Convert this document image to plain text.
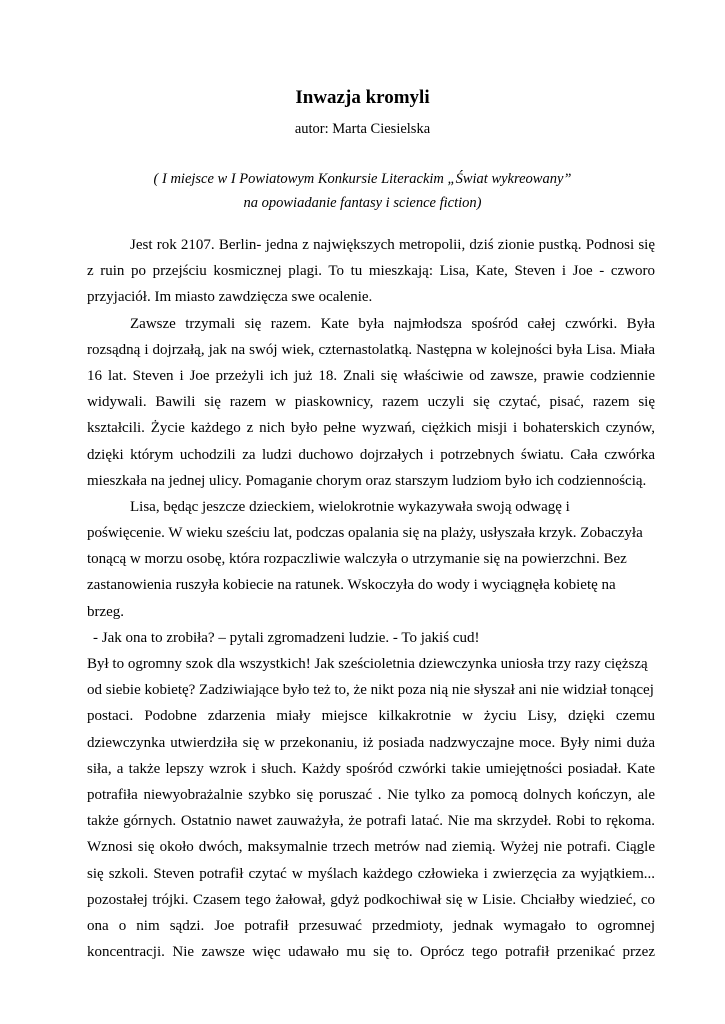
Inwazja kromyli
autor: Marta Ciesielska
( I miejsce w I Powiatowym Konkursie Literackim „Świat wykreowany”
na opowiadanie fantasy i science fiction)
Jest rok 2107. Berlin- jedna z największych metropolii, dziś zionie pustką. Podnosi się
z ruin po przejściu kosmicznej plagi. To tu mieszkają: Lisa, Kate, Steven i Joe - czworo
przyjaciół. Im miasto zawdzięcza swe ocalenie.
Zawsze trzymali się razem. Kate była najmłodsza spośród całej czwórki. Była
rozsądną i dojrzałą, jak na swój wiek, czternastolatką. Następna w kolejności była Lisa. Miała
16 lat. Steven i Joe przeżyli ich już 18. Znali się właściwie od zawsze, prawie codziennie
widywali. Bawili się razem w piaskownicy, razem uczyli się czytać, pisać, razem się
kształcili. Życie każdego z nich było pełne wyzwań, ciężkich misji i bohaterskich czynów,
dzięki którym uchodzili za ludzi duchowo dojrzałych i potrzebnych światu. Cała czwórka
mieszkała na jednej ulicy. Pomaganie chorym oraz starszym ludziom było ich codziennością.
Lisa, będąc jeszcze dzieckiem, wielokrotnie wykazywała swoją odwagę i
poświęcenie. W wieku sześciu lat, podczas opalania się na plaży, usłyszała krzyk. Zobaczyła
tonącą w morzu osobę, która rozpaczliwie walczyła o utrzymanie się na powierzchni. Bez
zastanowienia ruszyła kobiecie na ratunek. Wskoczyła do wody i wyciągnęła kobietę na
brzeg.
- Jak ona to zrobiła? – pytali zgromadzeni ludzie. - To jakiś cud!
Był to ogromny szok dla wszystkich! Jak sześcioletnia dziewczynka uniosła trzy razy cięższą
od siebie kobietę? Zadziwiające było też to, że nikt poza nią nie słyszał ani nie widział tonącej
postaci. Podobne zdarzenia miały miejsce kilkakrotnie w życiu Lisy, dzięki czemu
dziewczynka utwierdziła się w przekonaniu, iż posiada nadzwyczajne moce. Były nimi duża
siła, a także lepszy wzrok i słuch. Każdy spośród czwórki takie umiejętności posiadał. Kate
potrafiła niewyobrażalnie szybko się poruszać . Nie tylko za pomocą dolnych kończyn, ale
także górnych. Ostatnio nawet zauważyła, że potrafi latać. Nie ma skrzydeł. Robi to rękoma.
Wznosi się około dwóch, maksymalnie trzech metrów nad ziemią. Wyżej nie potrafi. Ciągle
się szkoli. Steven potrafił czytać w myślach każdego człowieka i zwierzęcia za wyjątkiem...
pozostałej trójki. Czasem tego żałował, gdyż podkochiwał się w Lisie. Chciałby wiedzieć, co
ona o nim sądzi. Joe potrafił przesuwać przedmioty, jednak wymagało to ogromnej
koncentracji. Nie zawsze więc udawało mu się to. Oprócz tego potrafił przenikać przez
